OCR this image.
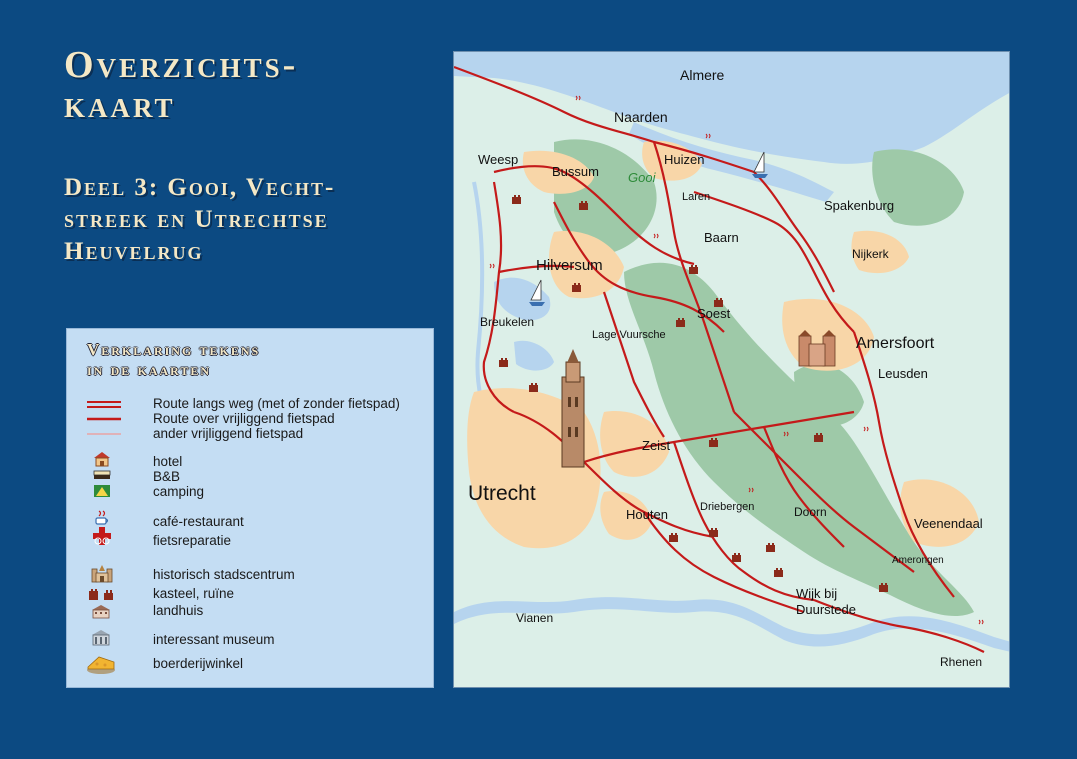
Overzichts-
kaart
Deel 3: Gooi, Vecht-
streek en Utrechtse
Heuvelrug
Verklaring tekens
in de kaarten
Route langs weg (met of zonder fietspad)
Route over vrijliggend fietspad
ander vrijliggend fietspad
hotel
B&B
camping
café-restaurant
fietsreparatie
historisch stadscentrum
kasteel, ruïne
landhuis
interessant museum
boerderijwinkel
Almere
Naarden
Weesp
Bussum Gooi
Huizen
Laren
Spakenburg
Baarn
Nijkerk
Hilversum
Breukelen
Soest
Lage Vuursche	Amersfoort
Leusden
Zeist
Utrecht
Houten	Driebergen	Doorn
Veenendaal
Amerongen
Wijk bij
Duurstede
Vianen
Rhenen
